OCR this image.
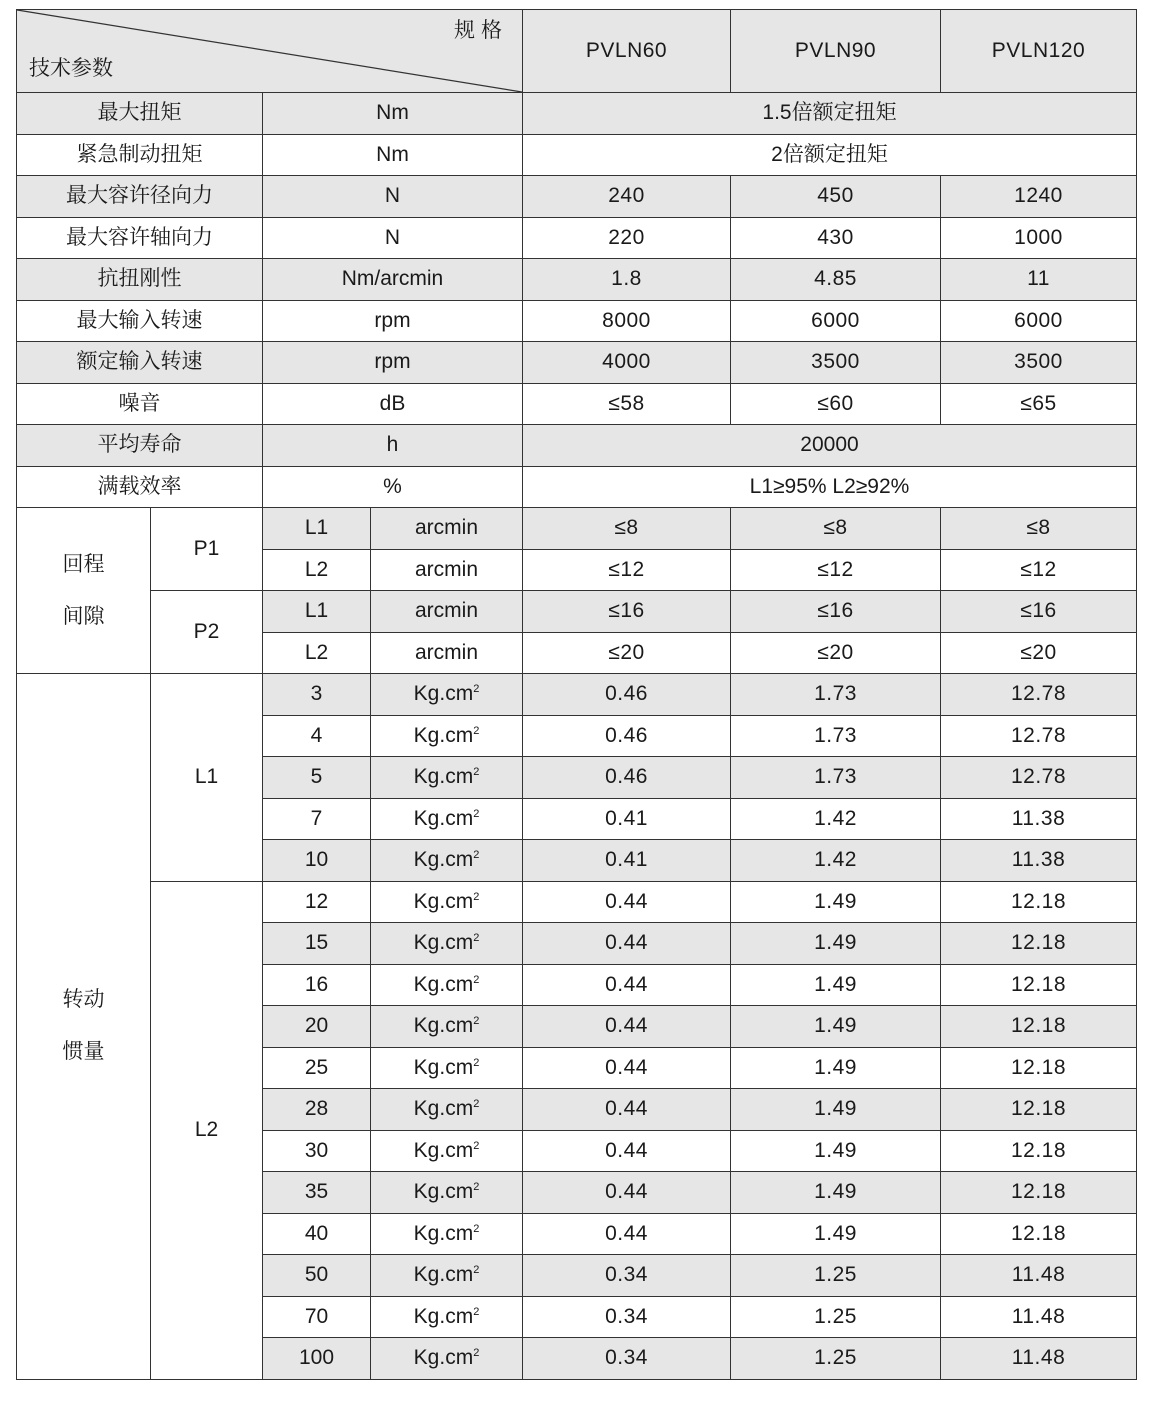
规格
技术参数				PVLN60	PVLN90	PVLN120
最大扭矩		Nm		1.5倍额定扭矩		
紧急制动扭矩		Nm		2倍额定扭矩		
最大容许径向力		N		240	450	1240
最大容许轴向力		N		220	430	1000
抗扭刚性		Nm/arcmin		1.8	4.85	11
最大输入转速		rpm		8000	6000	6000
额定输入转速		rpm		4000	3500	3500
噪音		dB		≤58	≤60	≤65
平均寿命		h		20000		
满载效率		%		L1≥95% L2≥92%		

回程
间隙	P1	L1	arcmin	≤8	≤8	≤8
		L2	arcmin	≤12	≤12	≤12
	P2	L1	arcmin	≤16	≤16	≤16
		L2	arcmin	≤20	≤20	≤20

转动
惯量	L1	3	$Kg.cm^2$	0.46	1.73	12.78
		4	$Kg.cm^2$	0.46	1.73	12.78
		5	$Kg.cm^2$	0.46	1.73	12.78
		7	$Kg.cm^2$	0.41	1.42	11.38
		10	$Kg.cm^2$	0.41	1.42	11.38
	L2	12	$Kg.cm^2$	0.44	1.49	12.18
		15	$Kg.cm^2$	0.44	1.49	12.18
		16	$Kg.cm^2$	0.44	1.49	12.18
		20	$Kg.cm^2$	0.44	1.49	12.18
		25	$Kg.cm^2$	0.44	1.49	12.18
		28	$Kg.cm^2$	0.44	1.49	12.18
		30	$Kg.cm^2$	0.44	1.49	12.18
		35	$Kg.cm^2$	0.44	1.49	12.18
		40	$Kg.cm^2$	0.44	1.49	12.18
		50	$Kg.cm^2$	0.34	1.25	11.48
		70	$Kg.cm^2$	0.34	1.25	11.48
		100	$Kg.cm^2$	0.34	1.25	11.48
